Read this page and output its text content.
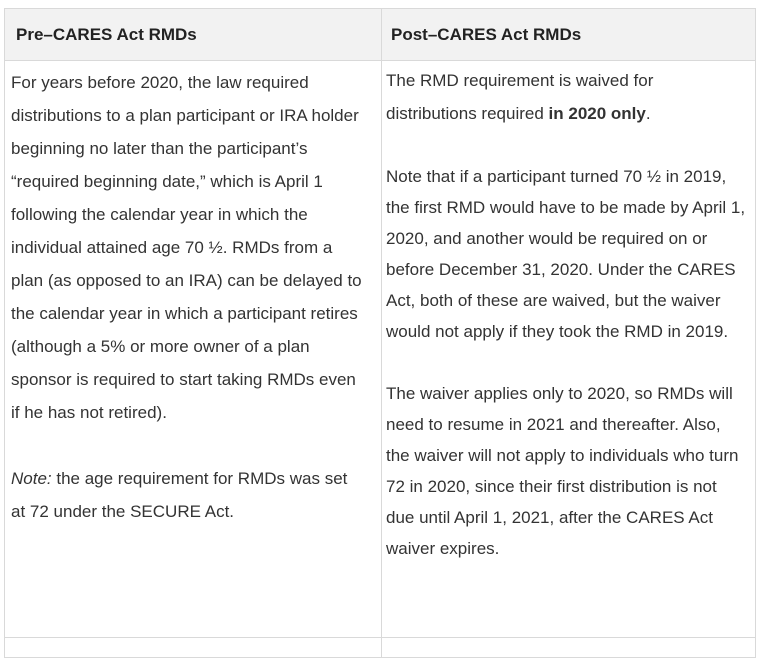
Pre–CARES Act RMDs	Post–CARES Act RMDs

For years before 2020, the law required distributions to a plan participant or IRA holder beginning no later than the participant’s “required beginning date,” which is April 1 following the calendar year in which the individual attained age 70 ½. RMDs from a plan (as opposed to an IRA) can be delayed to the calendar year in which a participant retires (although a 5% or more owner of a plan sponsor is required to start taking RMDs even if he has not retired).

Note: the age requirement for RMDs was set at 72 under the SECURE Act.

The RMD requirement is waived for distributions required in 2020 only.

Note that if a participant turned 70 ½ in 2019, the first RMD would have to be made by April 1, 2020, and another would be required on or before December 31, 2020. Under the CARES Act, both of these are waived, but the waiver would not apply if they took the RMD in 2019.

The waiver applies only to 2020, so RMDs will need to resume in 2021 and thereafter. Also, the waiver will not apply to individuals who turn 72 in 2020, since their first distribution is not due until April 1, 2021, after the CARES Act waiver expires.
